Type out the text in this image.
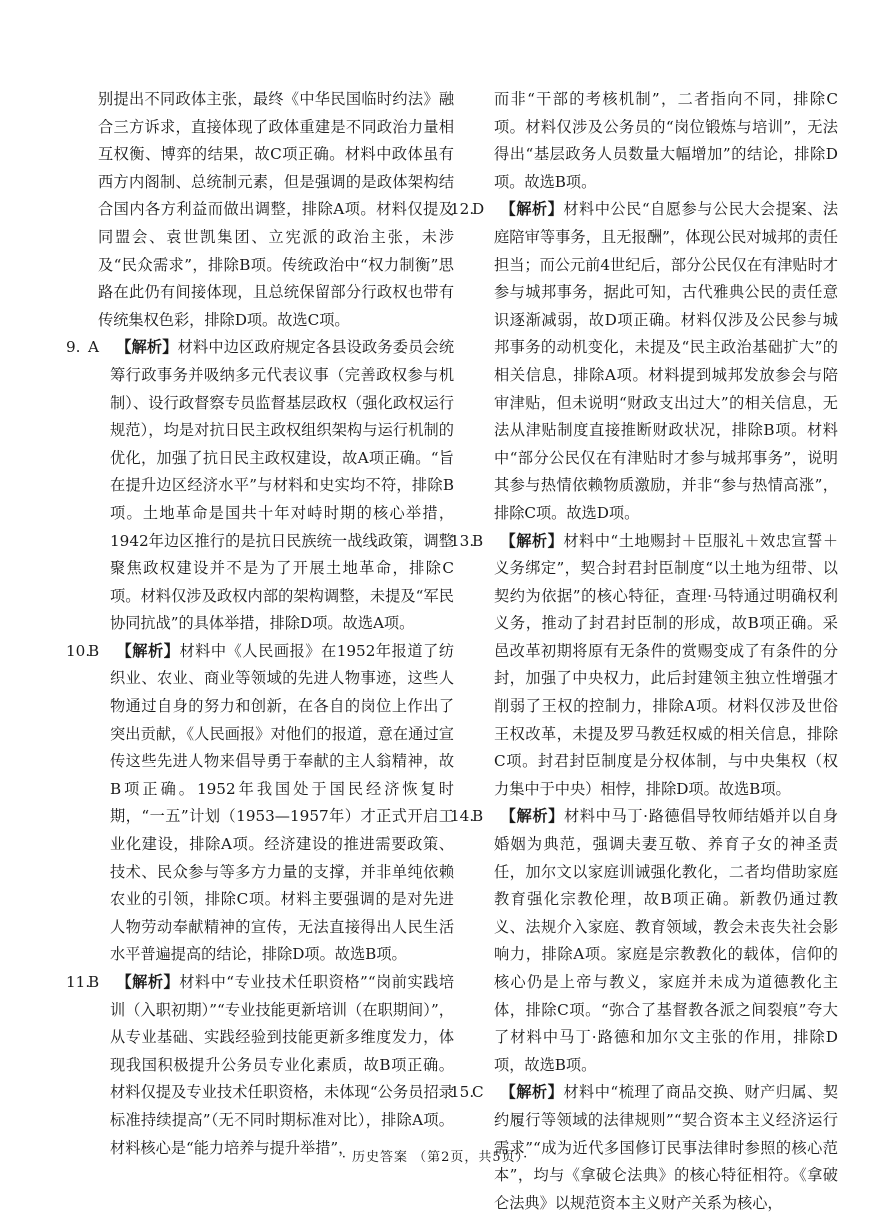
别提出不同政体主张，最终《中华民国临时约法》融合三方诉求，直接体现了政体重建是不同政治力量相互权衡、博弈的结果，故C项正确。材料中政体虽有西方内阁制、总统制元素，但是强调的是政体架构结合国内各方利益而做出调整，排除A项。材料仅提及同盟会、袁世凯集团、立宪派的政治主张，未涉及“民众需求”，排除B项。传统政治中“权力制衡”思路在此仍有间接体现，且总统保留部分行政权也带有传统集权色彩，排除D项。故选C项。

9. A 【解析】材料中边区政府规定各县设政务委员会统筹行政事务并吸纳多元代表议事（完善政权参与机制）、设行政督察专员监督基层政权（强化政权运行规范），均是对抗日民主政权组织架构与运行机制的优化，加强了抗日民主政权建设，故A项正确。“旨在提升边区经济水平”与材料和史实均不符，排除B项。土地革命是国共十年对峙时期的核心举措，1942年边区推行的是抗日民族统一战线政策，调整聚焦政权建设并不是为了开展土地革命，排除C项。材料仅涉及政权内部的架构调整，未提及“军民协同抗战”的具体举措，排除D项。故选A项。

10.B 【解析】材料中《人民画报》在1952年报道了纺织业、农业、商业等领域的先进人物事迹，这些人物通过自身的努力和创新，在各自的岗位上作出了突出贡献，《人民画报》对他们的报道，意在通过宣传这些先进人物来倡导勇于奉献的主人翁精神，故B项正确。1952年我国处于国民经济恢复时期，“一五”计划（1953—1957年）才正式开启工业化建设，排除A项。经济建设的推进需要政策、技术、民众参与等多方力量的支撑，并非单纯依赖农业的引领，排除C项。材料主要强调的是对先进人物劳动奉献精神的宣传，无法直接得出人民生活水平普遍提高的结论，排除D项。故选B项。

11.B 【解析】材料中“专业技术任职资格”“岗前实践培训（入职初期）”“专业技能更新培训（在职期间）”，从专业基础、实践经验到技能更新多维度发力，体现我国积极提升公务员专业化素质，故B项正确。材料仅提及专业技术任职资格，未体现“公务员招录标准持续提高”（无不同时期标准对比），排除A项。材料核心是“能力培养与提升举措”，

而非“干部的考核机制”，二者指向不同，排除C项。材料仅涉及公务员的“岗位锻炼与培训”，无法得出“基层政务人员数量大幅增加”的结论，排除D项。故选B项。

12.D 【解析】材料中公民“自愿参与公民大会提案、法庭陪审等事务，且无报酬”，体现公民对城邦的责任担当；而公元前4世纪后，部分公民仅在有津贴时才参与城邦事务，据此可知，古代雅典公民的责任意识逐渐减弱，故D项正确。材料仅涉及公民参与城邦事务的动机变化，未提及“民主政治基础扩大”的相关信息，排除A项。材料提到城邦发放参会与陪审津贴，但未说明“财政支出过大”的相关信息，无法从津贴制度直接推断财政状况，排除B项。材料中“部分公民仅在有津贴时才参与城邦事务”，说明其参与热情依赖物质激励，并非“参与热情高涨”，排除C项。故选D项。

13.B 【解析】材料中“土地赐封＋臣服礼＋效忠宣誓＋义务绑定”，契合封君封臣制度“以土地为纽带、以契约为依据”的核心特征，查理·马特通过明确权利义务，推动了封君封臣制的形成，故B项正确。采邑改革初期将原有无条件的赏赐变成了有条件的分封，加强了中央权力，此后封建领主独立性增强才削弱了王权的控制力，排除A项。材料仅涉及世俗王权改革，未提及罗马教廷权威的相关信息，排除C项。封君封臣制度是分权体制，与中央集权（权力集中于中央）相悖，排除D项。故选B项。

14.B 【解析】材料中马丁·路德倡导牧师结婚并以自身婚姻为典范，强调夫妻互敬、养育子女的神圣责任，加尔文以家庭训诫强化教化，二者均借助家庭教育强化宗教伦理，故B项正确。新教仍通过教义、法规介入家庭、教育领域，教会未丧失社会影响力，排除A项。家庭是宗教教化的载体，信仰的核心仍是上帝与教义，家庭并未成为道德教化主体，排除C项。“弥合了基督教各派之间裂痕”夸大了材料中马丁·路德和加尔文主张的作用，排除D项，故选B项。

15.C 【解析】材料中“梳理了商品交换、财产归属、契约履行等领域的法律规则”“契合资本主义经济运行需求”“成为近代多国修订民事法律时参照的核心范本”，均与《拿破仑法典》的核心特征相符。《拿破仑法典》以规范资本主义财产关系为核心，

· 历史答案 （第2页，共5页）·
